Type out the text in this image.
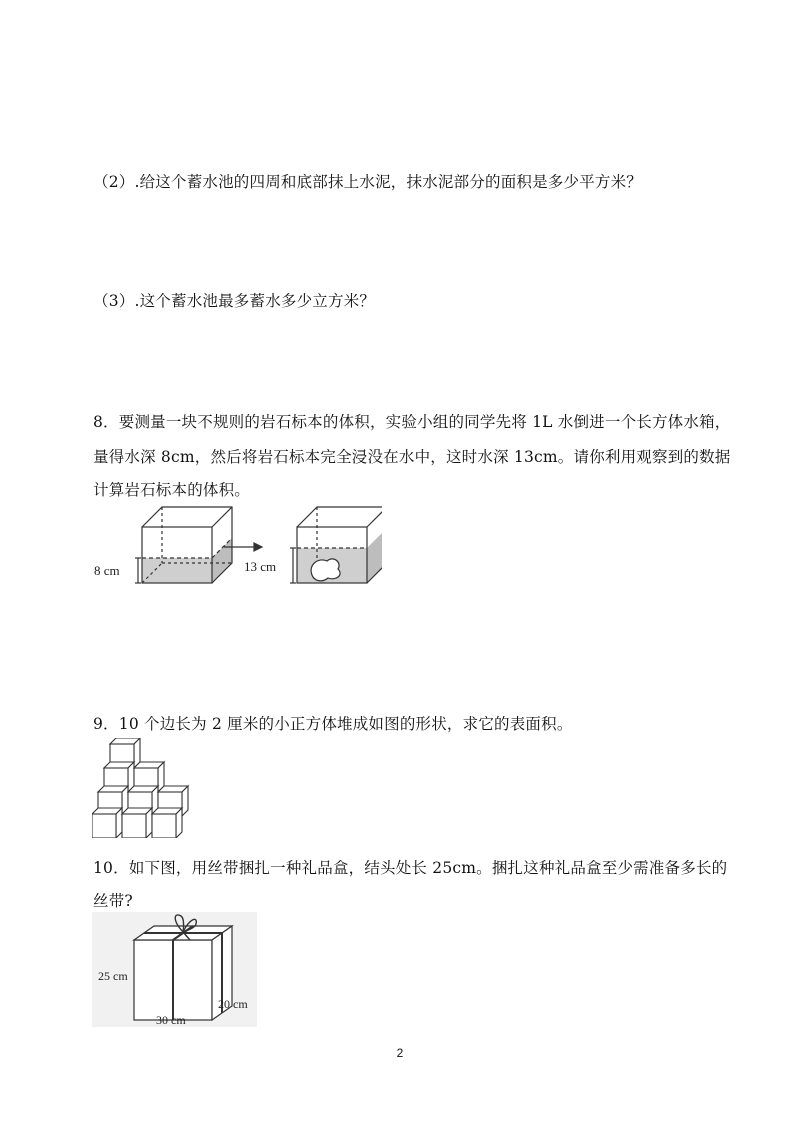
（2）.给这个蓄水池的四周和底部抹上水泥，抹水泥部分的面积是多少平方米？
（3）.这个蓄水池最多蓄水多少立方米？
8．要测量一块不规则的岩石标本的体积，实验小组的同学先将 1L 水倒进一个长方体水箱，
量得水深 8cm，然后将岩石标本完全浸没在水中，这时水深 13cm。请你利用观察到的数据
计算岩石标本的体积。
8 cm	13 cm
9．10 个边长为 2 厘米的小正方体堆成如图的形状，求它的表面积。
10．如下图，用丝带捆扎一种礼品盒，结头处长 25cm。捆扎这种礼品盒至少需准备多长的
丝带?
25 cm
30 cm
20 cm
2
